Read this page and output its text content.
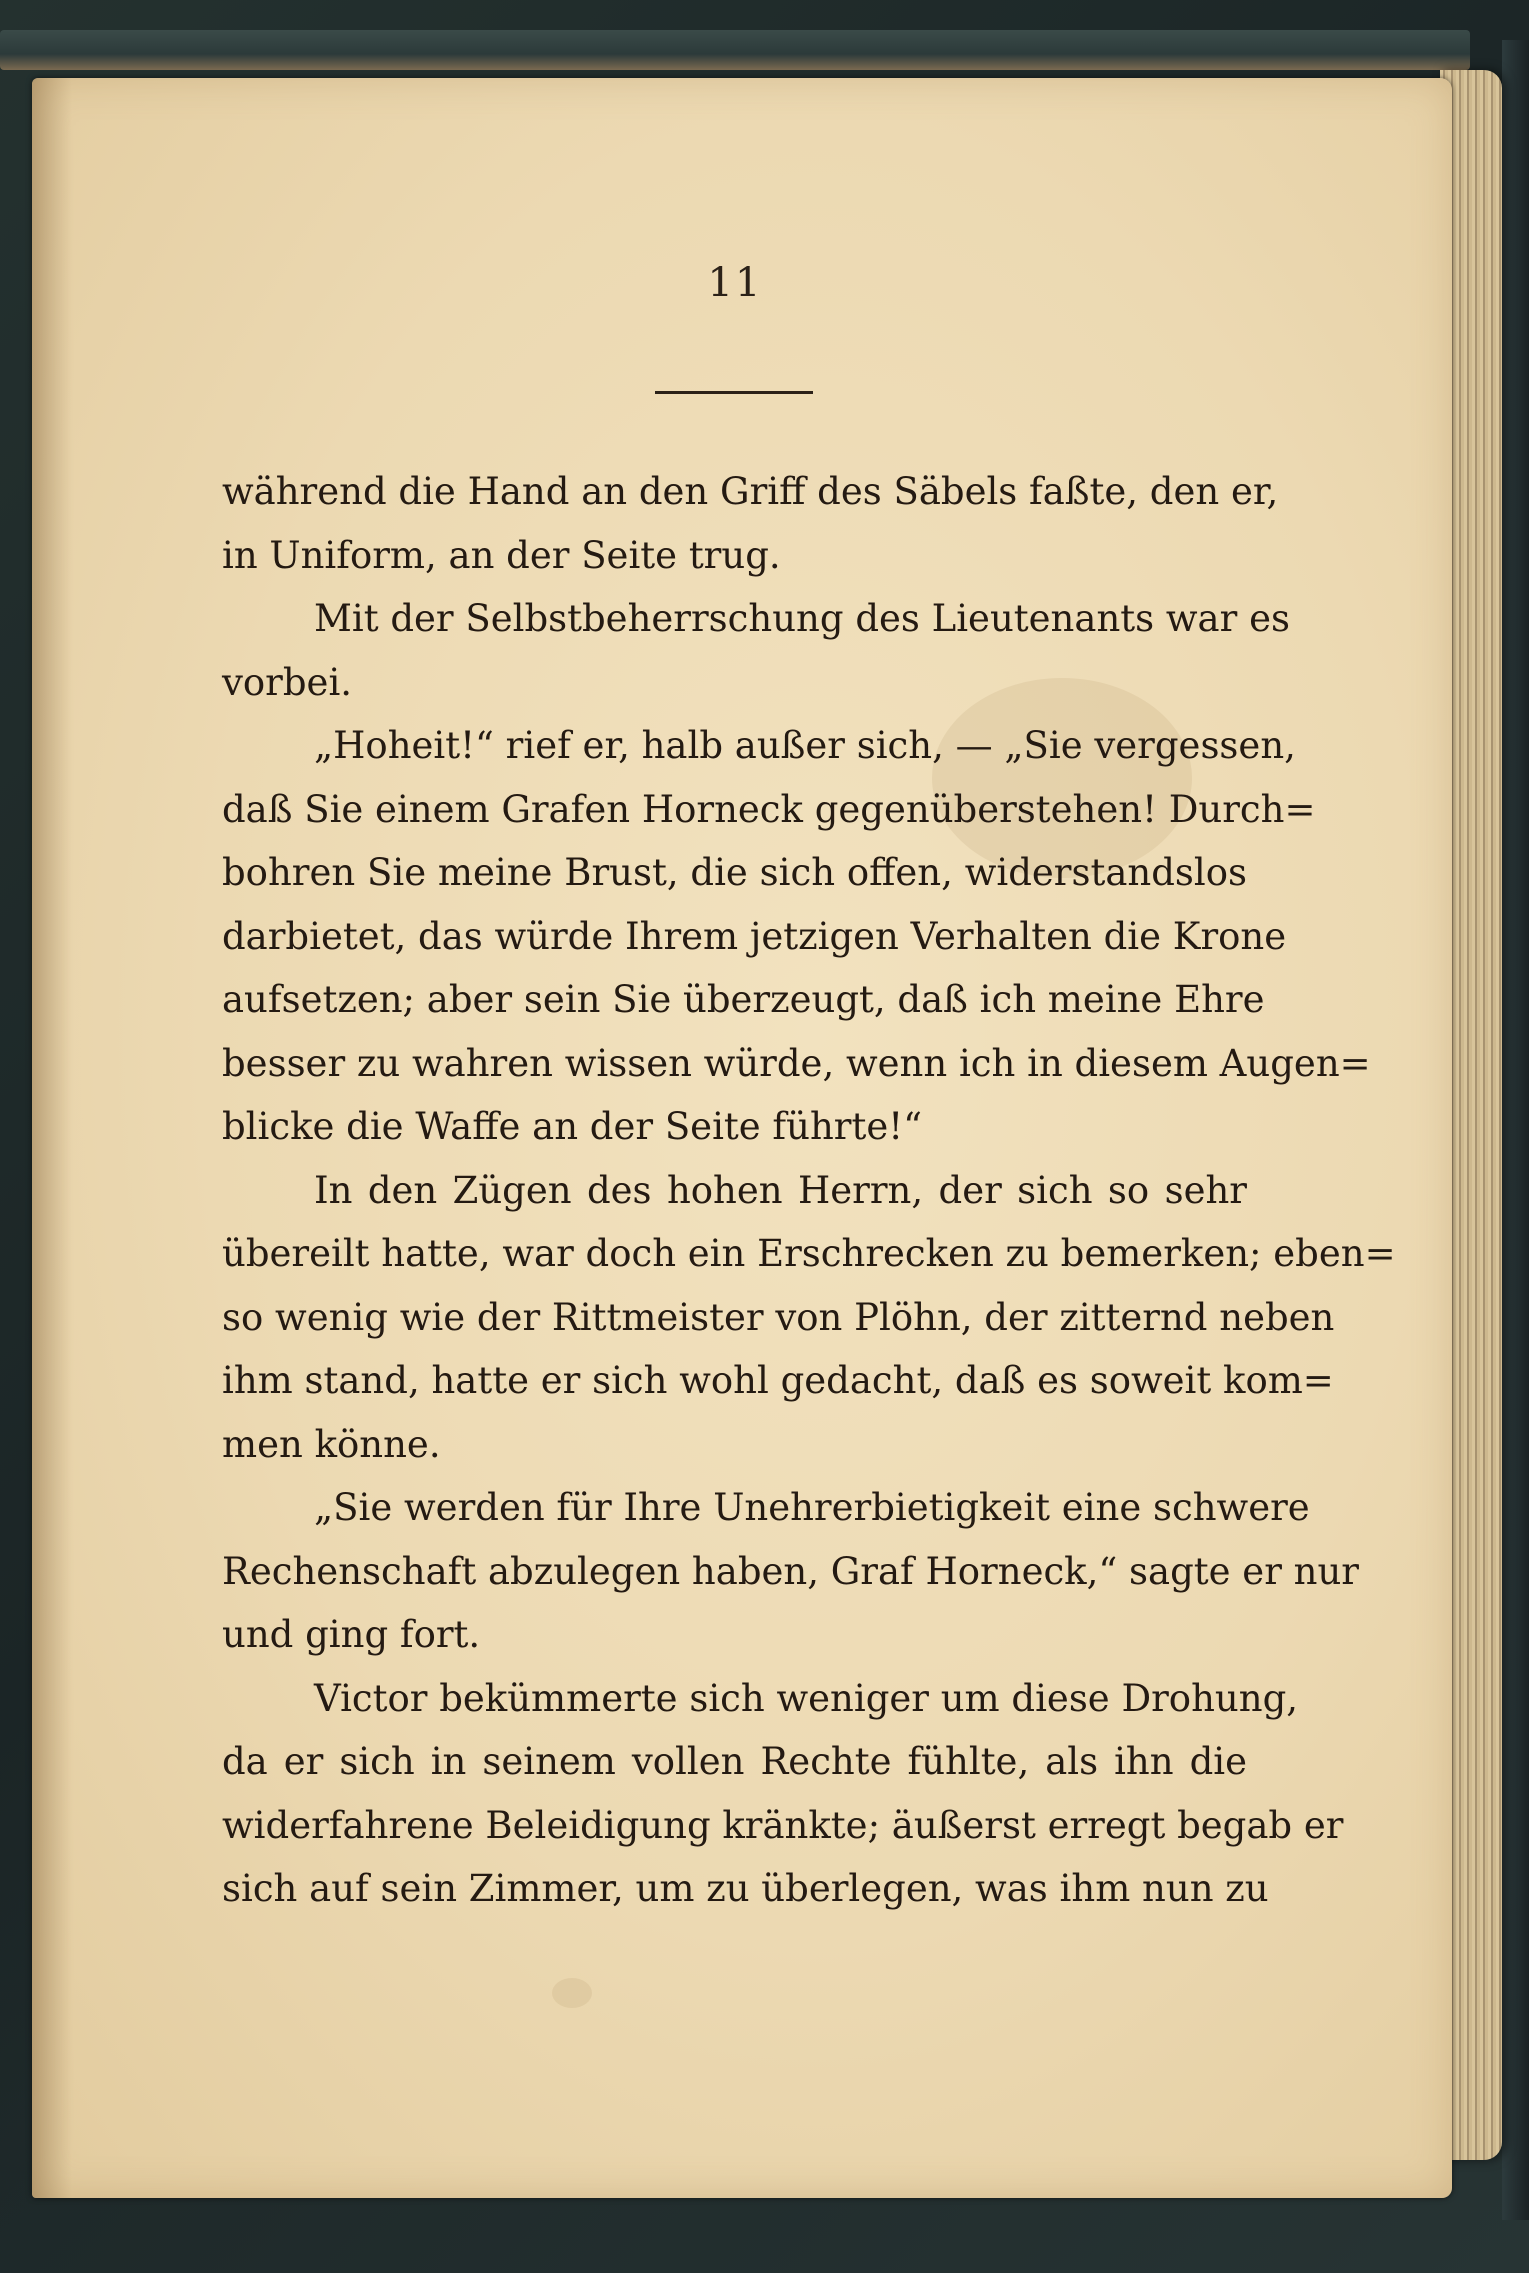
11
während die Hand an den Griff des Säbels faßte, den er,
in Uniform, an der Seite trug.
Mit der Selbstbeherrschung des Lieutenants war es
vorbei.
„Hoheit!“ rief er, halb außer sich, — „Sie vergessen,
daß Sie einem Grafen Horneck gegenüberstehen! Durch=
bohren Sie meine Brust, die sich offen, widerstandslos
darbietet, das würde Ihrem jetzigen Verhalten die Krone
aufsetzen; aber sein Sie überzeugt, daß ich meine Ehre
besser zu wahren wissen würde, wenn ich in diesem Augen=
blicke die Waffe an der Seite führte!“
In den Zügen des hohen Herrn, der sich so sehr
übereilt hatte, war doch ein Erschrecken zu bemerken; eben=
so wenig wie der Rittmeister von Plöhn, der zitternd neben
ihm stand, hatte er sich wohl gedacht, daß es soweit kom=
men könne.
„Sie werden für Ihre Unehrerbietigkeit eine schwere
Rechenschaft abzulegen haben, Graf Horneck,“ sagte er nur
und ging fort.
Victor bekümmerte sich weniger um diese Drohung,
da er sich in seinem vollen Rechte fühlte, als ihn die
widerfahrene Beleidigung kränkte; äußerst erregt begab er
sich auf sein Zimmer, um zu überlegen, was ihm nun zu
